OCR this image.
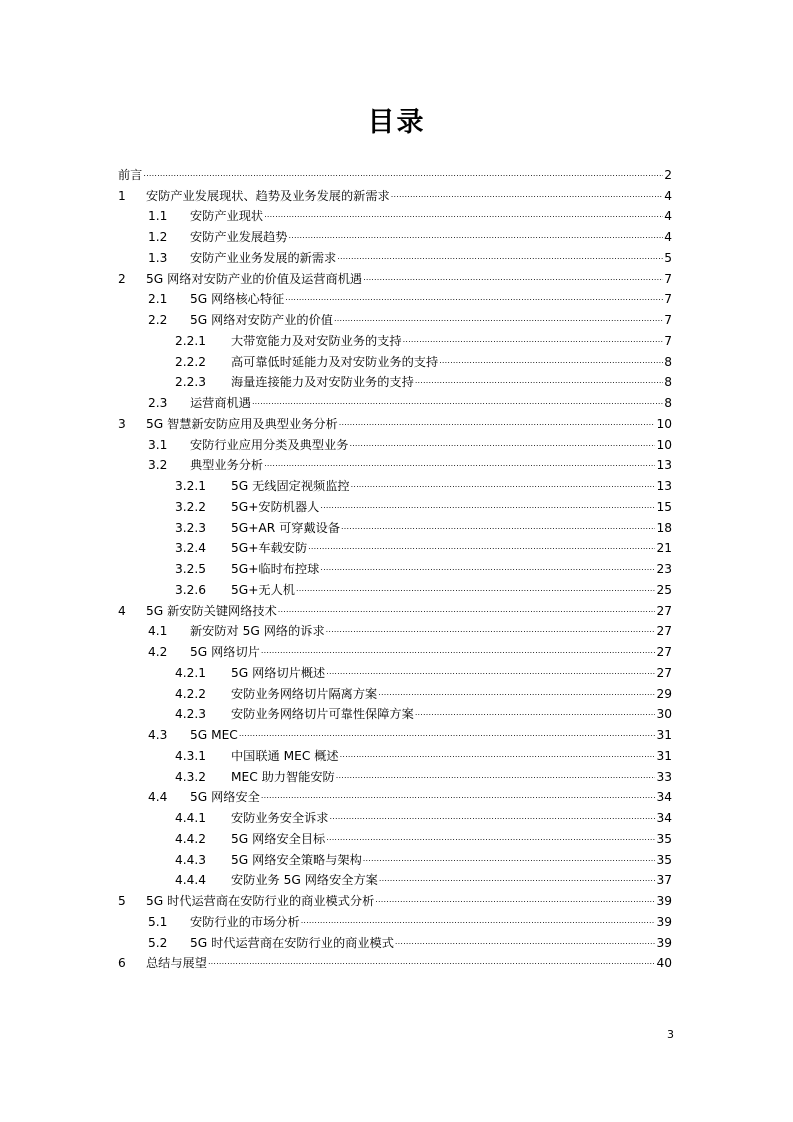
目录
前言 .....	2
1	安防产业发展现状、趋势及业务发展的新需求 .....	4
1.1	安防产业现状 .....	4
1.2	安防产业发展趋势 .....	4
1.3	安防产业业务发展的新需求 .....	5
2	5G 网络对安防产业的价值及运营商机遇 .....	7
2.1	5G 网络核心特征 .....	7
2.2	5G 网络对安防产业的价值 .....	7
2.2.1	大带宽能力及对安防业务的支持 .....	7
2.2.2	高可靠低时延能力及对安防业务的支持 .....	8
2.2.3	海量连接能力及对安防业务的支持 .....	8
2.3	运营商机遇 .....	8
3	5G 智慧新安防应用及典型业务分析 .....	10
3.1	安防行业应用分类及典型业务 .....	10
3.2	典型业务分析 .....	13
3.2.1	5G 无线固定视频监控 .....	13
3.2.2	5G+安防机器人 .....	15
3.2.3	5G+AR 可穿戴设备 .....	18
3.2.4	5G+车载安防 .....	21
3.2.5	5G+临时布控球 .....	23
3.2.6	5G+无人机 .....	25
4	5G 新安防关键网络技术 .....	27
4.1	新安防对 5G 网络的诉求 .....	27
4.2	5G 网络切片 .....	27
4.2.1	5G 网络切片概述 .....	27
4.2.2	安防业务网络切片隔离方案 .....	29
4.2.3	安防业务网络切片可靠性保障方案 .....	30
4.3	5G MEC .....	31
4.3.1	中国联通 MEC 概述 .....	31
4.3.2	MEC 助力智能安防 .....	33
4.4	5G 网络安全 .....	34
4.4.1	安防业务安全诉求 .....	34
4.4.2	5G 网络安全目标 .....	35
4.4.3	5G 网络安全策略与架构 .....	35
4.4.4	安防业务 5G 网络安全方案 .....	37
5	5G 时代运营商在安防行业的商业模式分析 .....	39
5.1	安防行业的市场分析 .....	39
5.2	5G 时代运营商在安防行业的商业模式 .....	39
6	总结与展望 .....	40
3
